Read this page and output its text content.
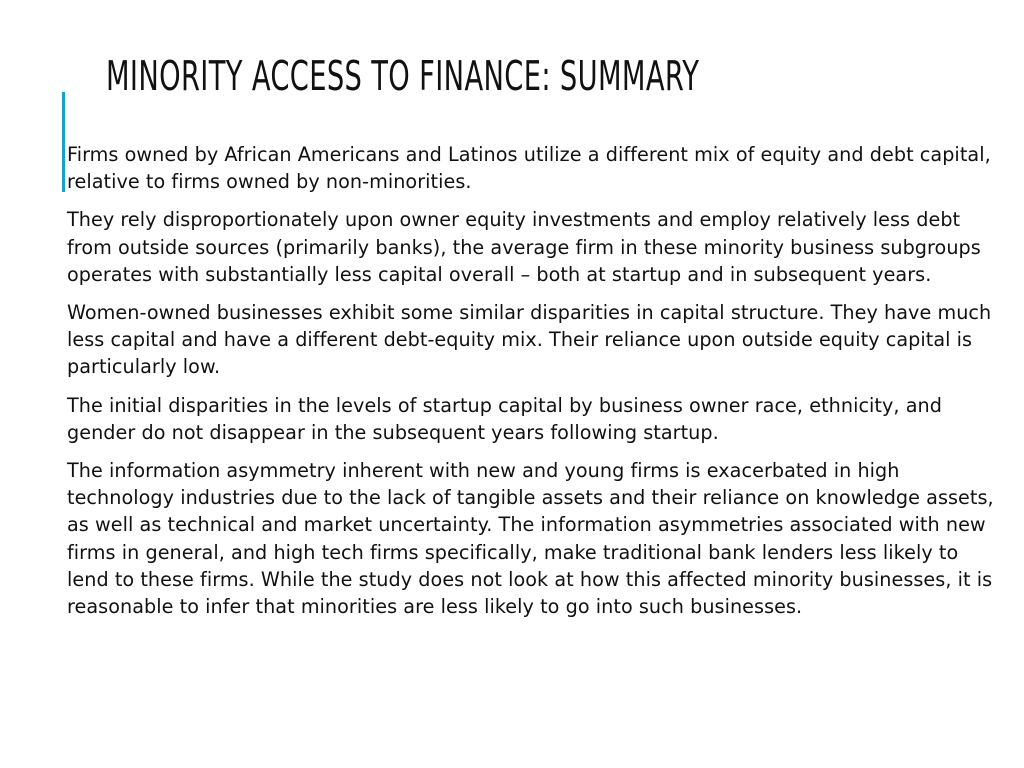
MINORITY ACCESS TO FINANCE: SUMMARY

Firms owned by African Americans and Latinos utilize a different mix of equity and debt capital, relative to firms owned by non-minorities.

They rely disproportionately upon owner equity investments and employ relatively less debt from outside sources (primarily banks), the average firm in these minority business subgroups operates with substantially less capital overall – both at startup and in subsequent years.

Women-owned businesses exhibit some similar disparities in capital structure. They have much less capital and have a different debt-equity mix. Their reliance upon outside equity capital is particularly low.

The initial disparities in the levels of startup capital by business owner race, ethnicity, and gender do not disappear in the subsequent years following startup.

The information asymmetry inherent with new and young firms is exacerbated in high technology industries due to the lack of tangible assets and their reliance on knowledge assets, as well as technical and market uncertainty. The information asymmetries associated with new firms in general, and high tech firms specifically, make traditional bank lenders less likely to lend to these firms. While the study does not look at how this affected minority businesses, it is reasonable to infer that minorities are less likely to go into such businesses.
